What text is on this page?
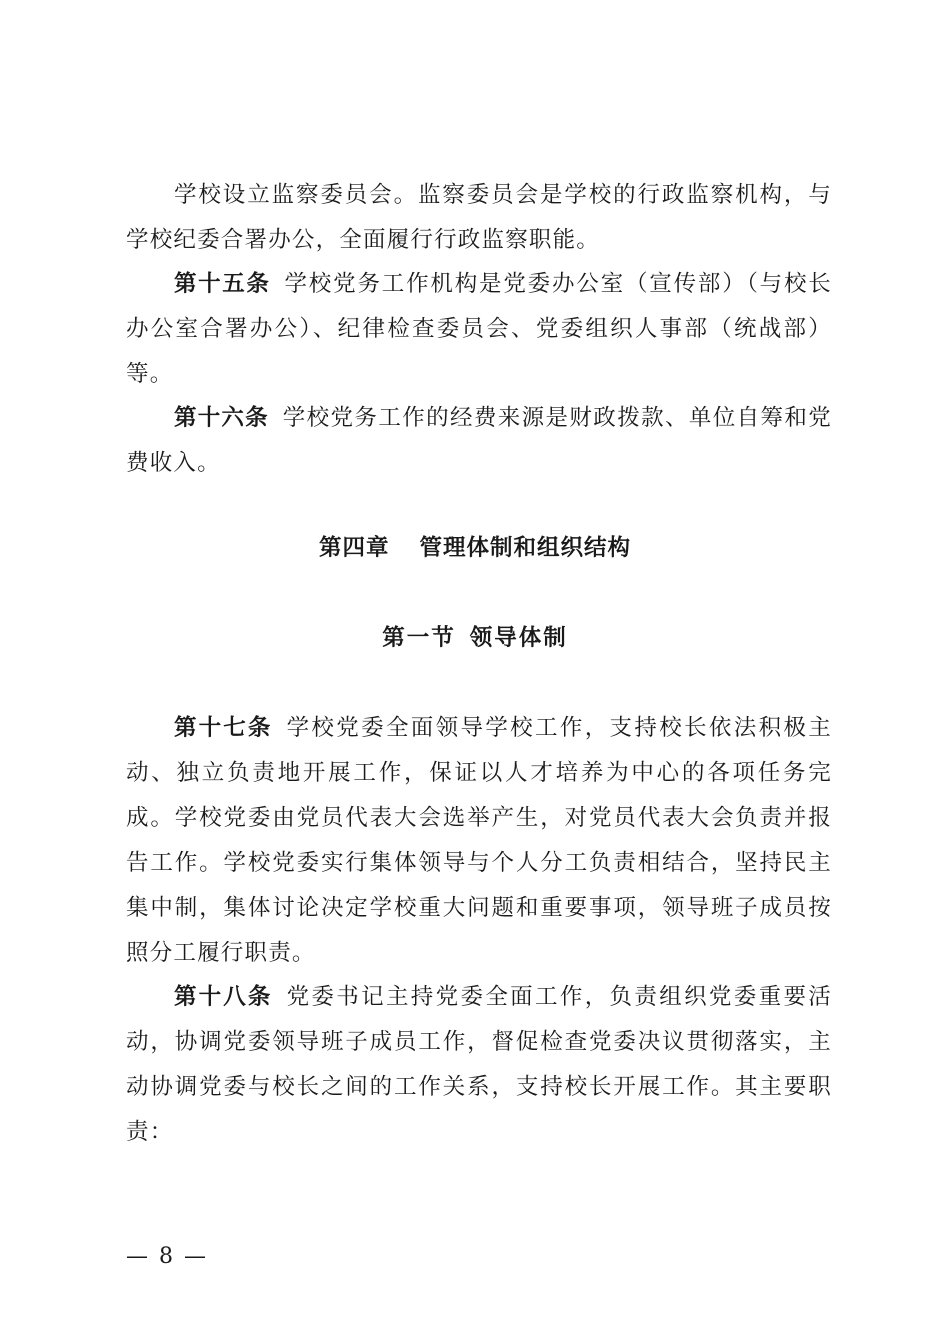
学校设立监察委员会。监察委员会是学校的行政监察机构，与学校纪委合署办公，全面履行行政监察职能。

第十五条 学校党务工作机构是党委办公室（宣传部）（与校长办公室合署办公）、纪律检查委员会、党委组织人事部（统战部）等。

第十六条 学校党务工作的经费来源是财政拨款、单位自筹和党费收入。

第四章 管理体制和组织结构
第一节 领导体制

第十七条 学校党委全面领导学校工作，支持校长依法积极主动、独立负责地开展工作，保证以人才培养为中心的各项任务完成。学校党委由党员代表大会选举产生，对党员代表大会负责并报告工作。学校党委实行集体领导与个人分工负责相结合，坚持民主集中制，集体讨论决定学校重大问题和重要事项，领导班子成员按照分工履行职责。

第十八条 党委书记主持党委全面工作，负责组织党委重要活动，协调党委领导班子成员工作，督促检查党委决议贯彻落实，主动协调党委与校长之间的工作关系，支持校长开展工作。其主要职责：

— 8 —
